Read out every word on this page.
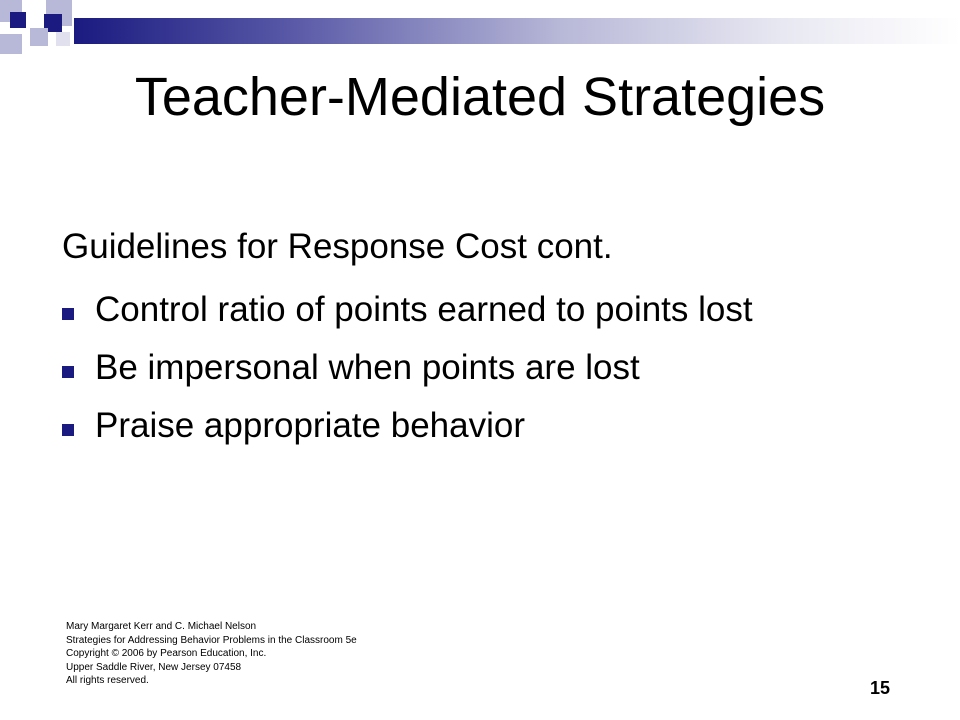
Teacher-Mediated Strategies

Guidelines for Response Cost cont.

Control ratio of points earned to points lost
Be impersonal when points are lost
Praise appropriate behavior
Mary Margaret Kerr and C. Michael Nelson
Strategies for Addressing Behavior Problems in the Classroom 5e
Copyright © 2006 by Pearson Education, Inc.
Upper Saddle River, New Jersey 07458
All rights reserved.	15
